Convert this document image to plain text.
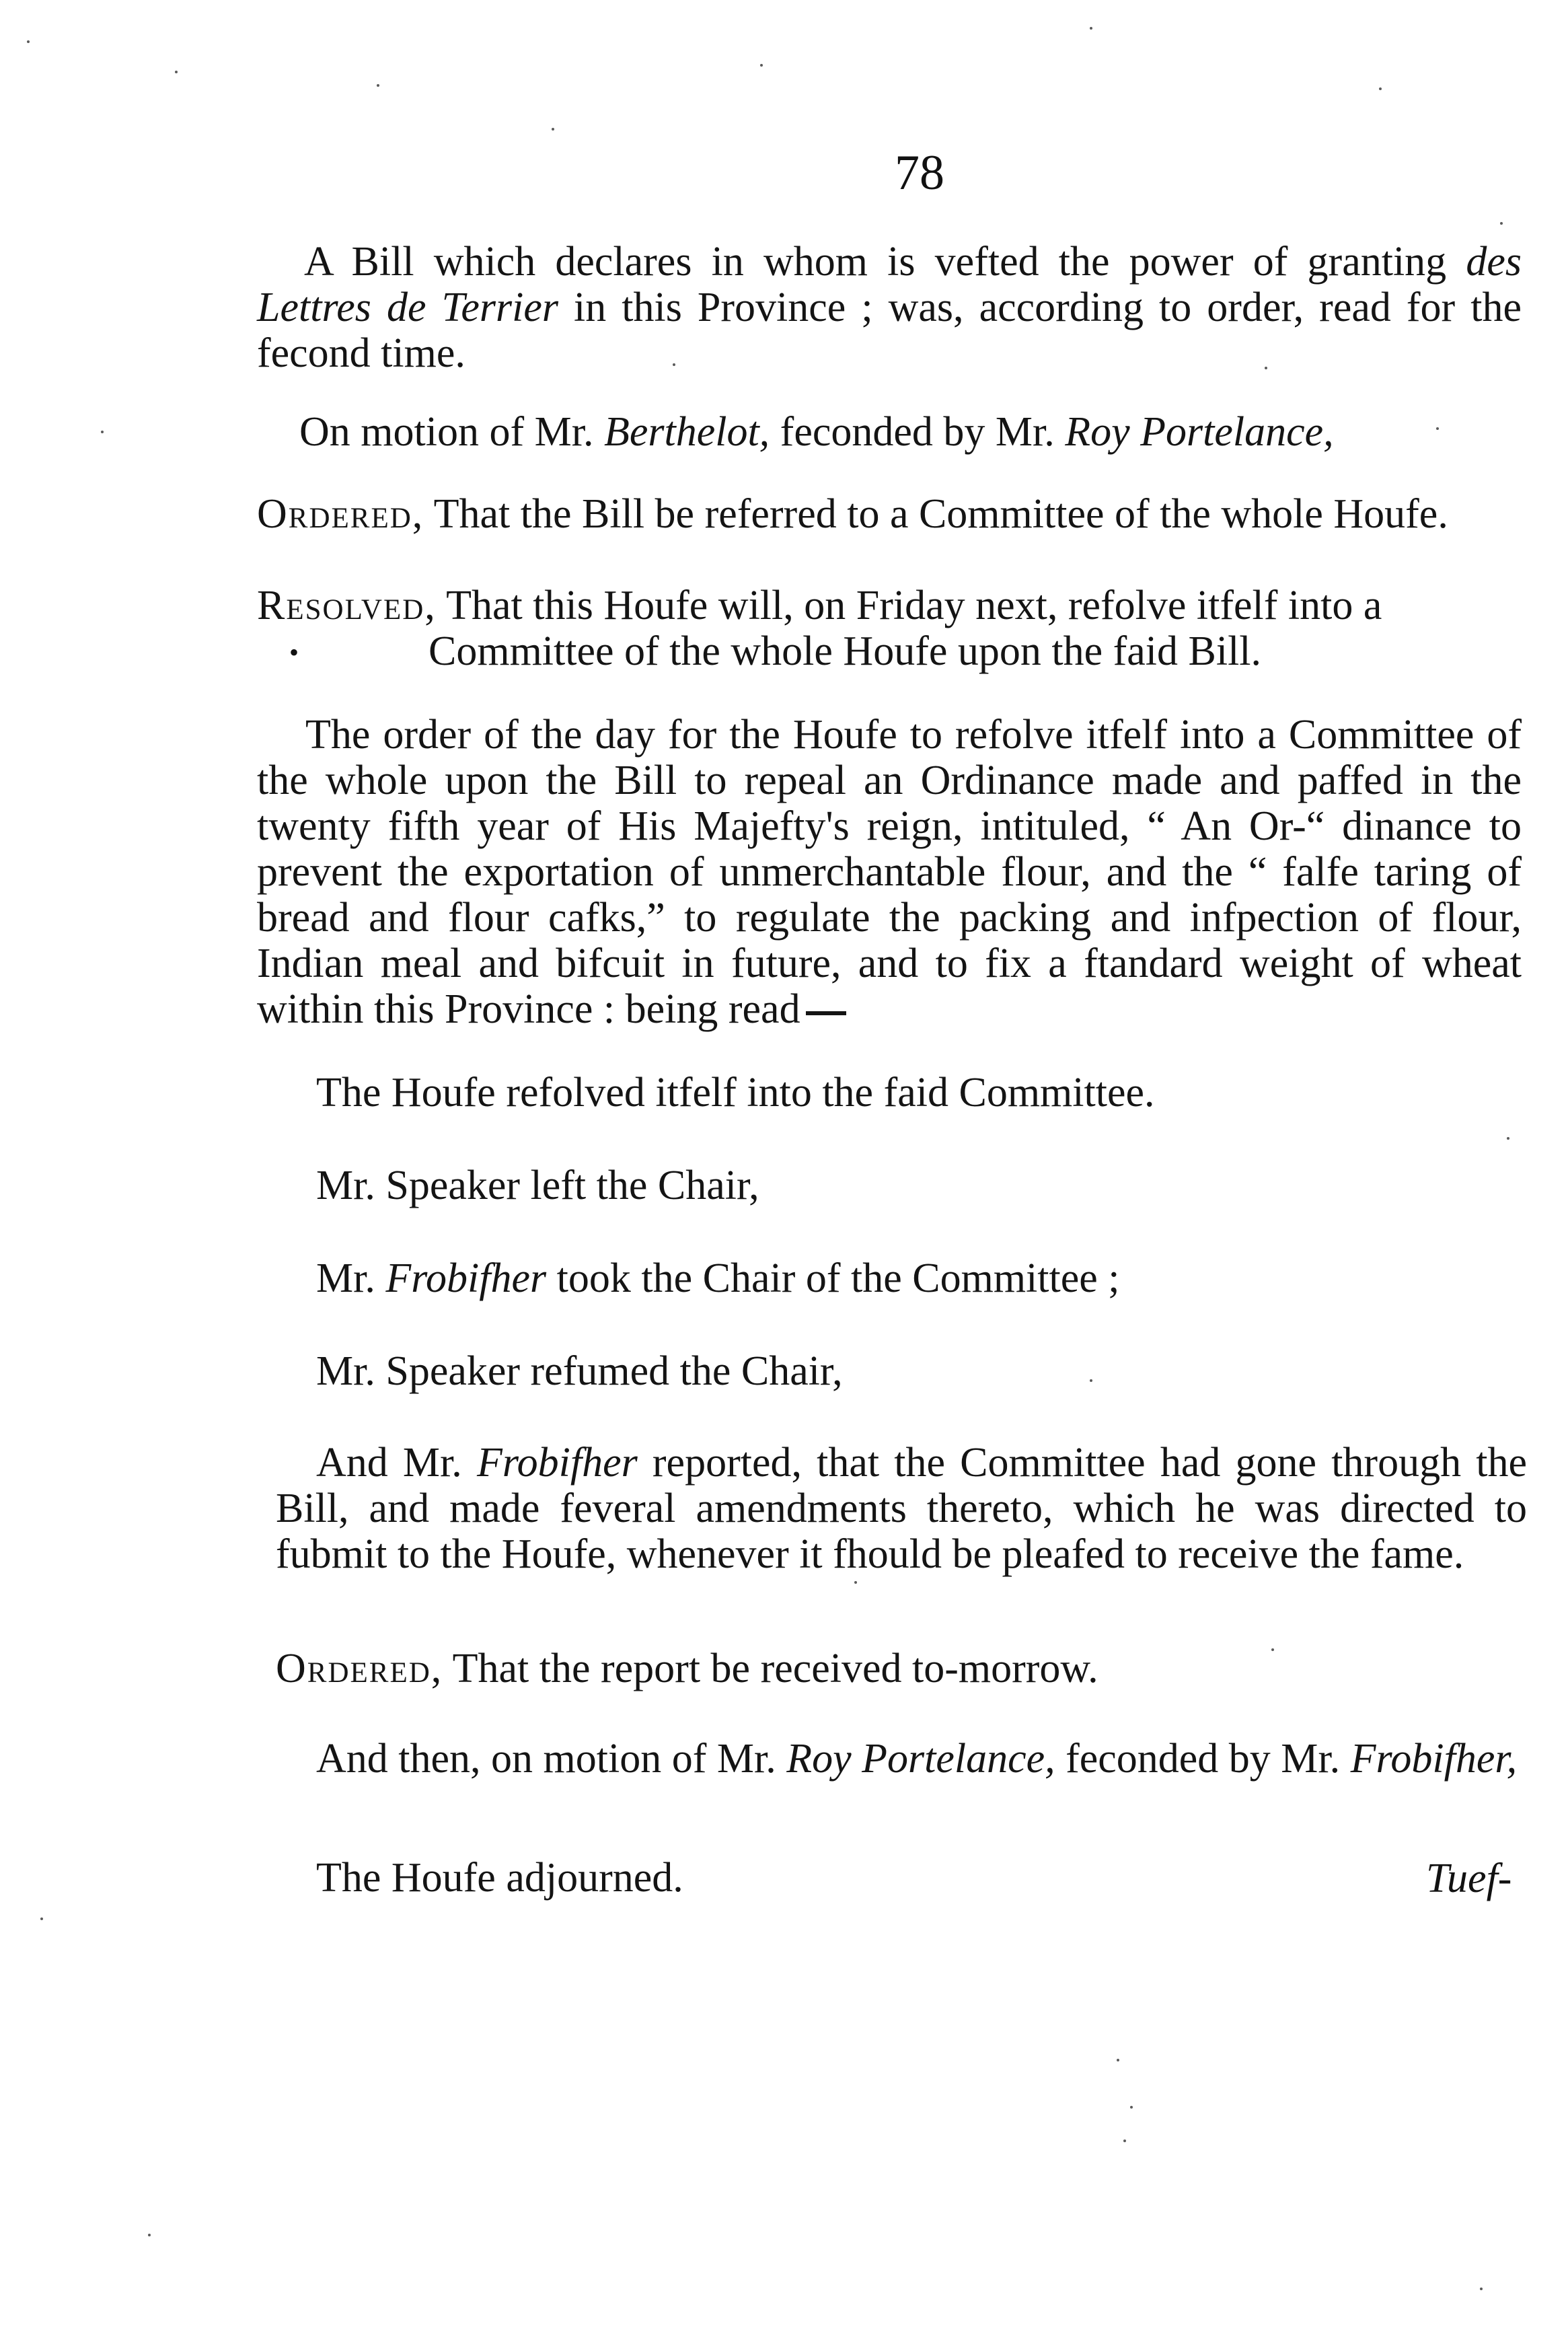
78
A Bill which declares in whom is vefted the power of granting des Lettres de Terrier in this Province ; was, according to order, read for the fecond time.
On motion of Mr. Berthelot, feconded by Mr. Roy Portelance,
Ordered, That the Bill be referred to a Committee of the whole Houfe.
Resolved, That this Houfe will, on Friday next, refolve itfelf into a
Committee of the whole Houfe upon the faid Bill.
•
The order of the day for the Houfe to refolve itfelf into a Committee of the whole upon the Bill to repeal an Ordinance made and paffed in the twenty fifth year of His Majefty's reign, intituled, “ An Or-“ dinance to prevent the exportation of unmerchantable flour, and the “ falfe taring of bread and flour cafks,” to regulate the packing and infpection of flour, Indian meal and bifcuit in future, and to fix a ftandard weight of wheat within this Province : being read
The Houfe refolved itfelf into the faid Committee.
Mr. Speaker left the Chair,
Mr. Frobifher took the Chair of the Committee ;
Mr. Speaker refumed the Chair,
And Mr. Frobifher reported, that the Committee had gone through the Bill, and made feveral amendments thereto, which he was directed to fubmit to the Houfe, whenever it fhould be pleafed to receive the fame.
Ordered, That the report be received to-morrow.
And then, on motion of Mr. Roy Portelance, feconded by Mr. Frobifher,
The Houfe adjourned.	Tuef-
